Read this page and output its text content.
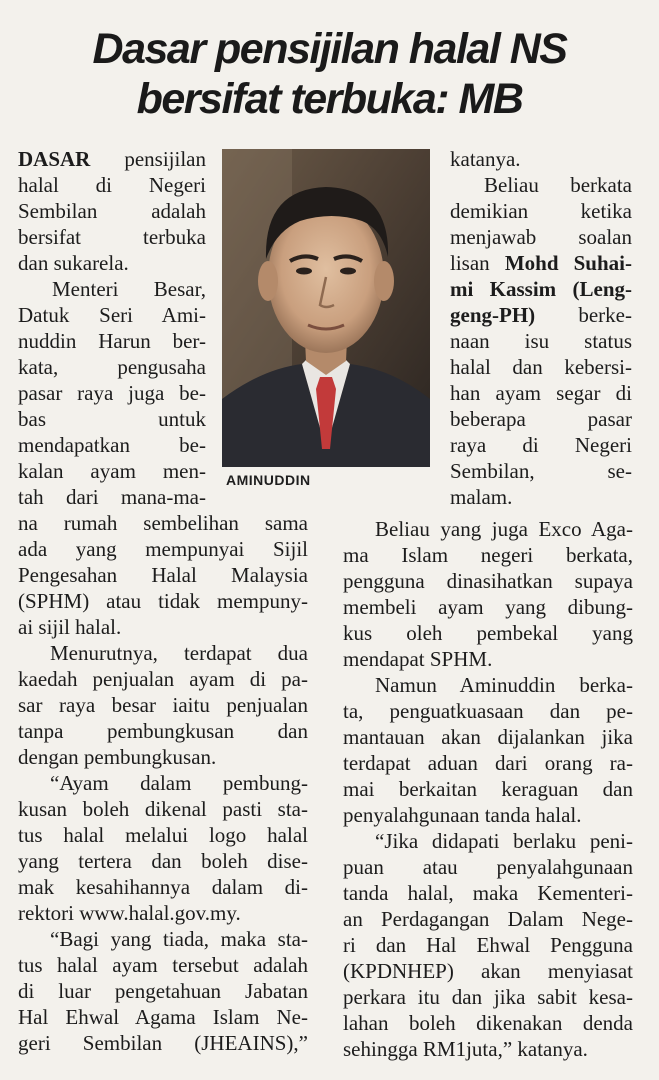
Dasar pensijilan halal NS
bersifat terbuka: MB
DASAR pensijilan
halal di Negeri
Sembilan adalah
bersifat terbuka
dan sukarela.
Menteri Besar,
Datuk Seri Ami-
nuddin Harun ber-
kata, pengusaha
pasar raya juga be-
bas untuk
mendapatkan be-
kalan ayam men-
tah dari mana-ma-
AMINUDDIN
na rumah sembelihan sama
ada yang mempunyai Sijil
Pengesahan Halal Malaysia
(SPHM) atau tidak mempuny-
ai sijil halal.
Menurutnya, terdapat dua
kaedah penjualan ayam di pa-
sar raya besar iaitu penjualan
tanpa pembungkusan dan
dengan pembungkusan.
“Ayam dalam pembung-
kusan boleh dikenal pasti sta-
tus halal melalui logo halal
yang tertera dan boleh dise-
mak kesahihannya dalam di-
rektori www.halal.gov.my.
“Bagi yang tiada, maka sta-
tus halal ayam tersebut adalah
di luar pengetahuan Jabatan
Hal Ehwal Agama Islam Ne-
geri Sembilan (JHEAINS),”
katanya.
Beliau berkata
demikian ketika
menjawab soalan
lisan Mohd Suhai-
mi Kassim (Leng-
geng-PH) berke-
naan isu status
halal dan kebersi-
han ayam segar di
beberapa pasar
raya di Negeri
Sembilan, se-
malam.
Beliau yang juga Exco Aga-
ma Islam negeri berkata,
pengguna dinasihatkan supaya
membeli ayam yang dibung-
kus oleh pembekal yang
mendapat SPHM.
Namun Aminuddin berka-
ta, penguatkuasaan dan pe-
mantauan akan dijalankan jika
terdapat aduan dari orang ra-
mai berkaitan keraguan dan
penyalahgunaan tanda halal.
“Jika didapati berlaku peni-
puan atau penyalahgunaan
tanda halal, maka Kementeri-
an Perdagangan Dalam Nege-
ri dan Hal Ehwal Pengguna
(KPDNHEP) akan menyiasat
perkara itu dan jika sabit kesa-
lahan boleh dikenakan denda
sehingga RM1juta,” katanya.
